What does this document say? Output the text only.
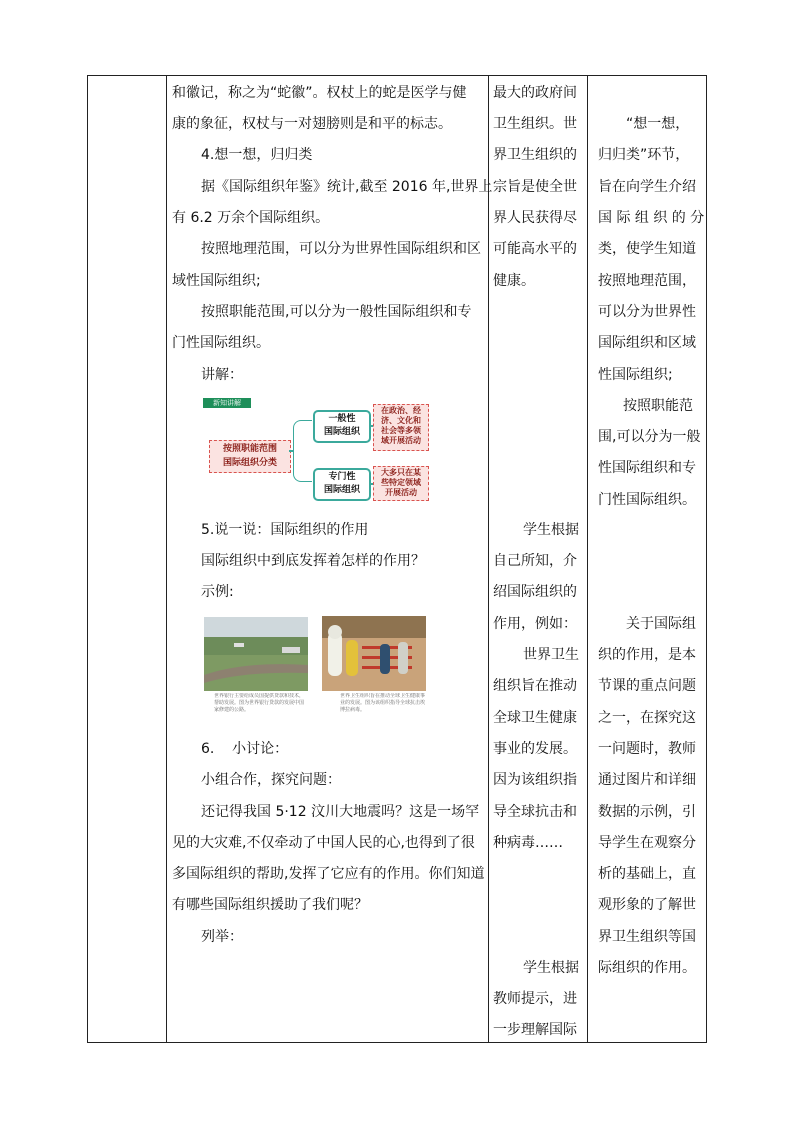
和徽记，称之为“蛇徽”。权杖上的蛇是医学与健
康的象征，权杖与一对翅膀则是和平的标志。
4.想一想，归归类
据《国际组织年鉴》统计,截至 2016 年,世界上
有 6.2 万余个国际组织。
按照地理范围，可以分为世界性国际组织和区
域性国际组织;
按照职能范围,可以分为一般性国际组织和专
门性国际组织。
讲解：
新知讲解
按照职能范围
国际组织分类
一般性
国际组织
在政治、经
济、文化和
社会等多领
域开展活动
专门性
国际组织
大多只在某
些特定领域
开展活动
5.说一说：国际组织的作用
国际组织中到底发挥着怎样的作用？
示例:
世界银行主要给成员国提供贷款和技术，帮助发展。图为世界银行贷款的发展中国家修建的公路。
世界卫生组织旨在推动全球卫生健康事业的发展。图为该组织指导全球抗击埃博拉病毒。
6.    小讨论：
小组合作，探究问题：
还记得我国 5·12 汶川大地震吗？这是一场罕
见的大灾难,不仅牵动了中国人民的心,也得到了很
多国际组织的帮助,发挥了它应有的作用。你们知道
有哪些国际组织援助了我们呢？
列举：
最大的政府间
卫生组织。世
界卫生组织的
宗旨是使全世
界人民获得尽
可能高水平的
健康。
学生根据
自己所知，介
绍国际组织的
作用，例如：
世界卫生
组织旨在推动
全球卫生健康
事业的发展。
因为该组织指
导全球抗击和
种病毒……
学生根据
教师提示，进
一步理解国际
“想一想，
归归类”环节，
旨在向学生介绍
国 际 组 织 的 分
类，使学生知道
按照地理范围，
可以分为世界性
国际组织和区域
性国际组织;
按照职能范
围,可以分为一般
性国际组织和专
门性国际组织。
关于国际组
织的作用，是本
节课的重点问题
之一，在探究这
一问题时，教师
通过图片和详细
数据的示例，引
导学生在观察分
析的基础上，直
观形象的了解世
界卫生组织等国
际组织的作用。
